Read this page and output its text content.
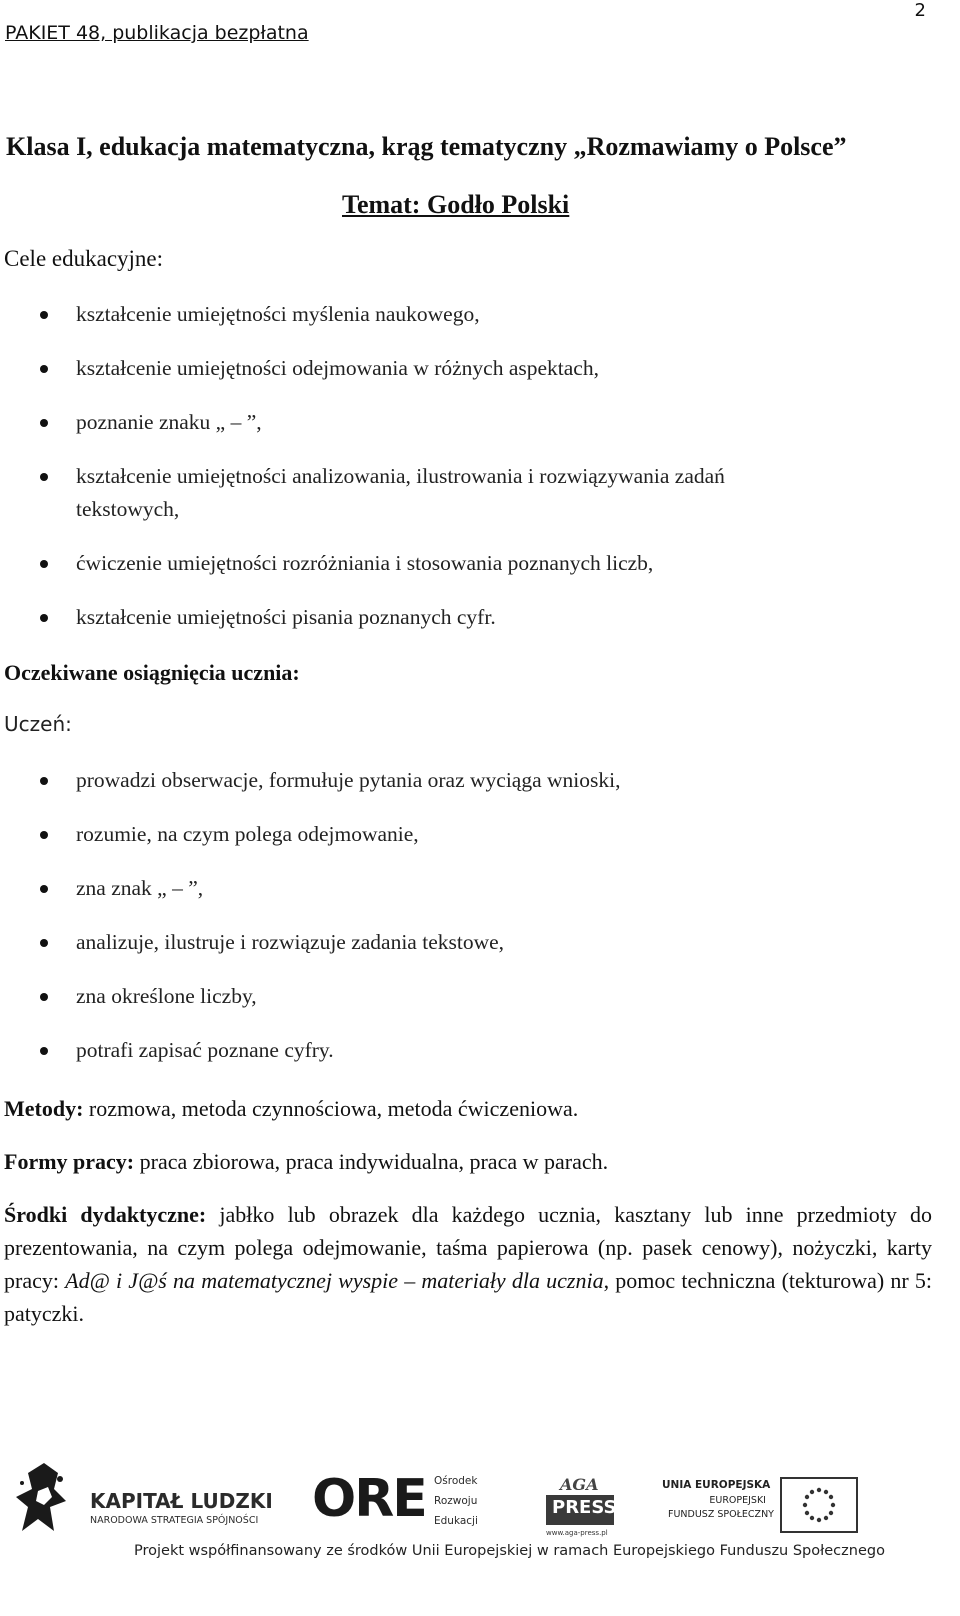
PAKIET 48, publikacja bezpłatna
2
Klasa I, edukacja matematyczna, krąg tematyczny „Rozmawiamy o Polsce”
Temat: Godło Polski
Cele edukacyjne:
kształcenie umiejętności myślenia naukowego,
kształcenie umiejętności odejmowania w różnych aspektach,
poznanie znaku „ – ”,
kształcenie umiejętności analizowania, ilustrowania i rozwiązywania zadań tekstowych,
ćwiczenie umiejętności rozróżniania i stosowania poznanych liczb,
kształcenie umiejętności pisania poznanych cyfr.
Oczekiwane osiągnięcia ucznia:
Uczeń:
prowadzi obserwacje, formułuje pytania oraz wyciąga wnioski,
rozumie, na czym polega odejmowanie,
zna znak „ – ”,
analizuje, ilustruje i rozwiązuje zadania tekstowe,
zna określone liczby,
potrafi zapisać poznane cyfry.
Metody: rozmowa, metoda czynnościowa, metoda ćwiczeniowa.
Formy pracy: praca zbiorowa, praca indywidualna, praca w parach.
Środki dydaktyczne: jabłko lub obrazek dla każdego ucznia, kasztany lub inne przedmioty do prezentowania, na czym polega odejmowanie, taśma papierowa (np. pasek cenowy), nożyczki, karty pracy: Ad@ i J@ś na matematycznej wyspie – materiały dla ucznia, pomoc techniczna (tekturowa) nr 5: patyczki.
KAPITAŁ LUDZKI
NARODOWA STRATEGIA SPÓJNOŚCI ORE Ośrodek
Rozwoju
Edukacji
AGA
PRESS
www.aga-press.pl
UNIA EUROPEJSKA
EUROPEJSKI
FUNDUSZ SPOŁECZNY
Projekt współfinansowany ze środków Unii Europejskiej w ramach Europejskiego Funduszu Społecznego
